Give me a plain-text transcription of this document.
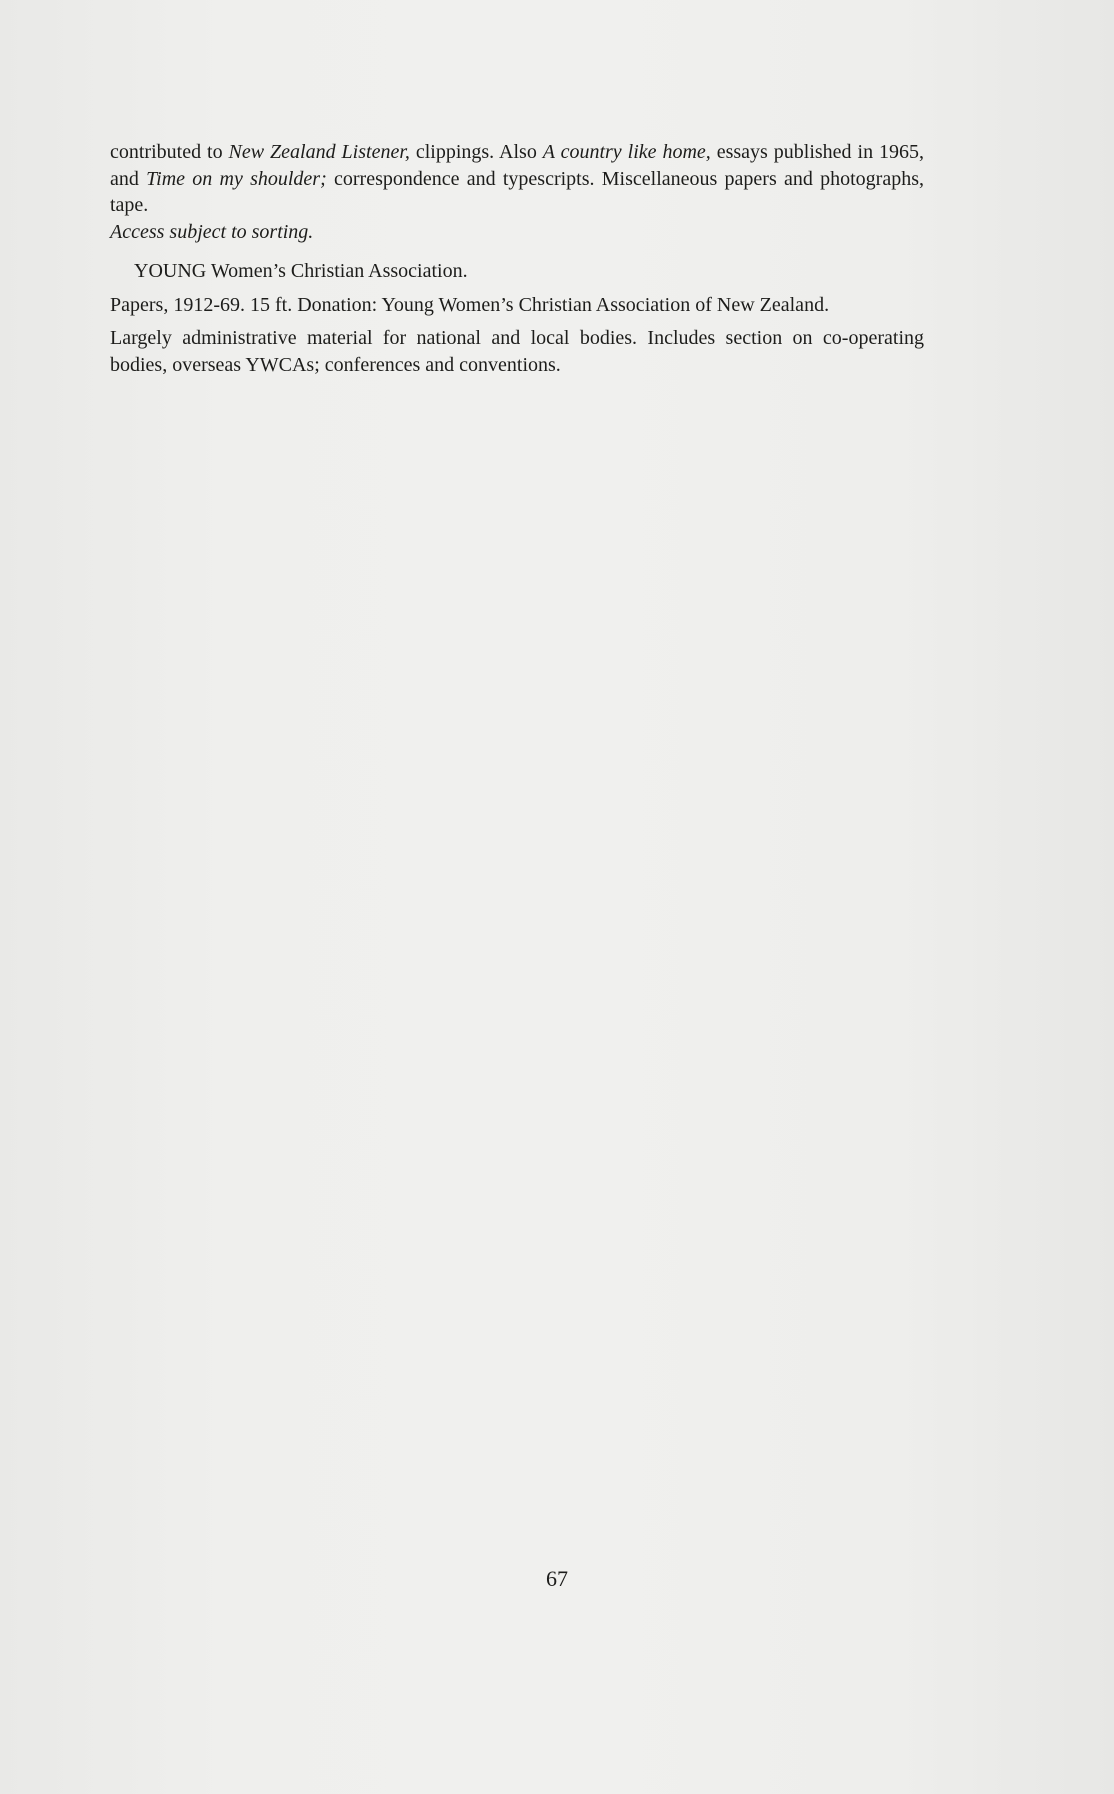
contributed to New Zealand Listener, clippings. Also A country like home, essays published in 1965, and Time on my shoulder; correspondence and typescripts. Miscellaneous papers and photographs, tape.

Access subject to sorting.

YOUNG Women’s Christian Association.

Papers, 1912-69. 15 ft. Donation: Young Women’s Christian Association of New Zealand.

Largely administrative material for national and local bodies. Includes section on co-operating bodies, overseas YWCAs; conferences and conventions.

67
